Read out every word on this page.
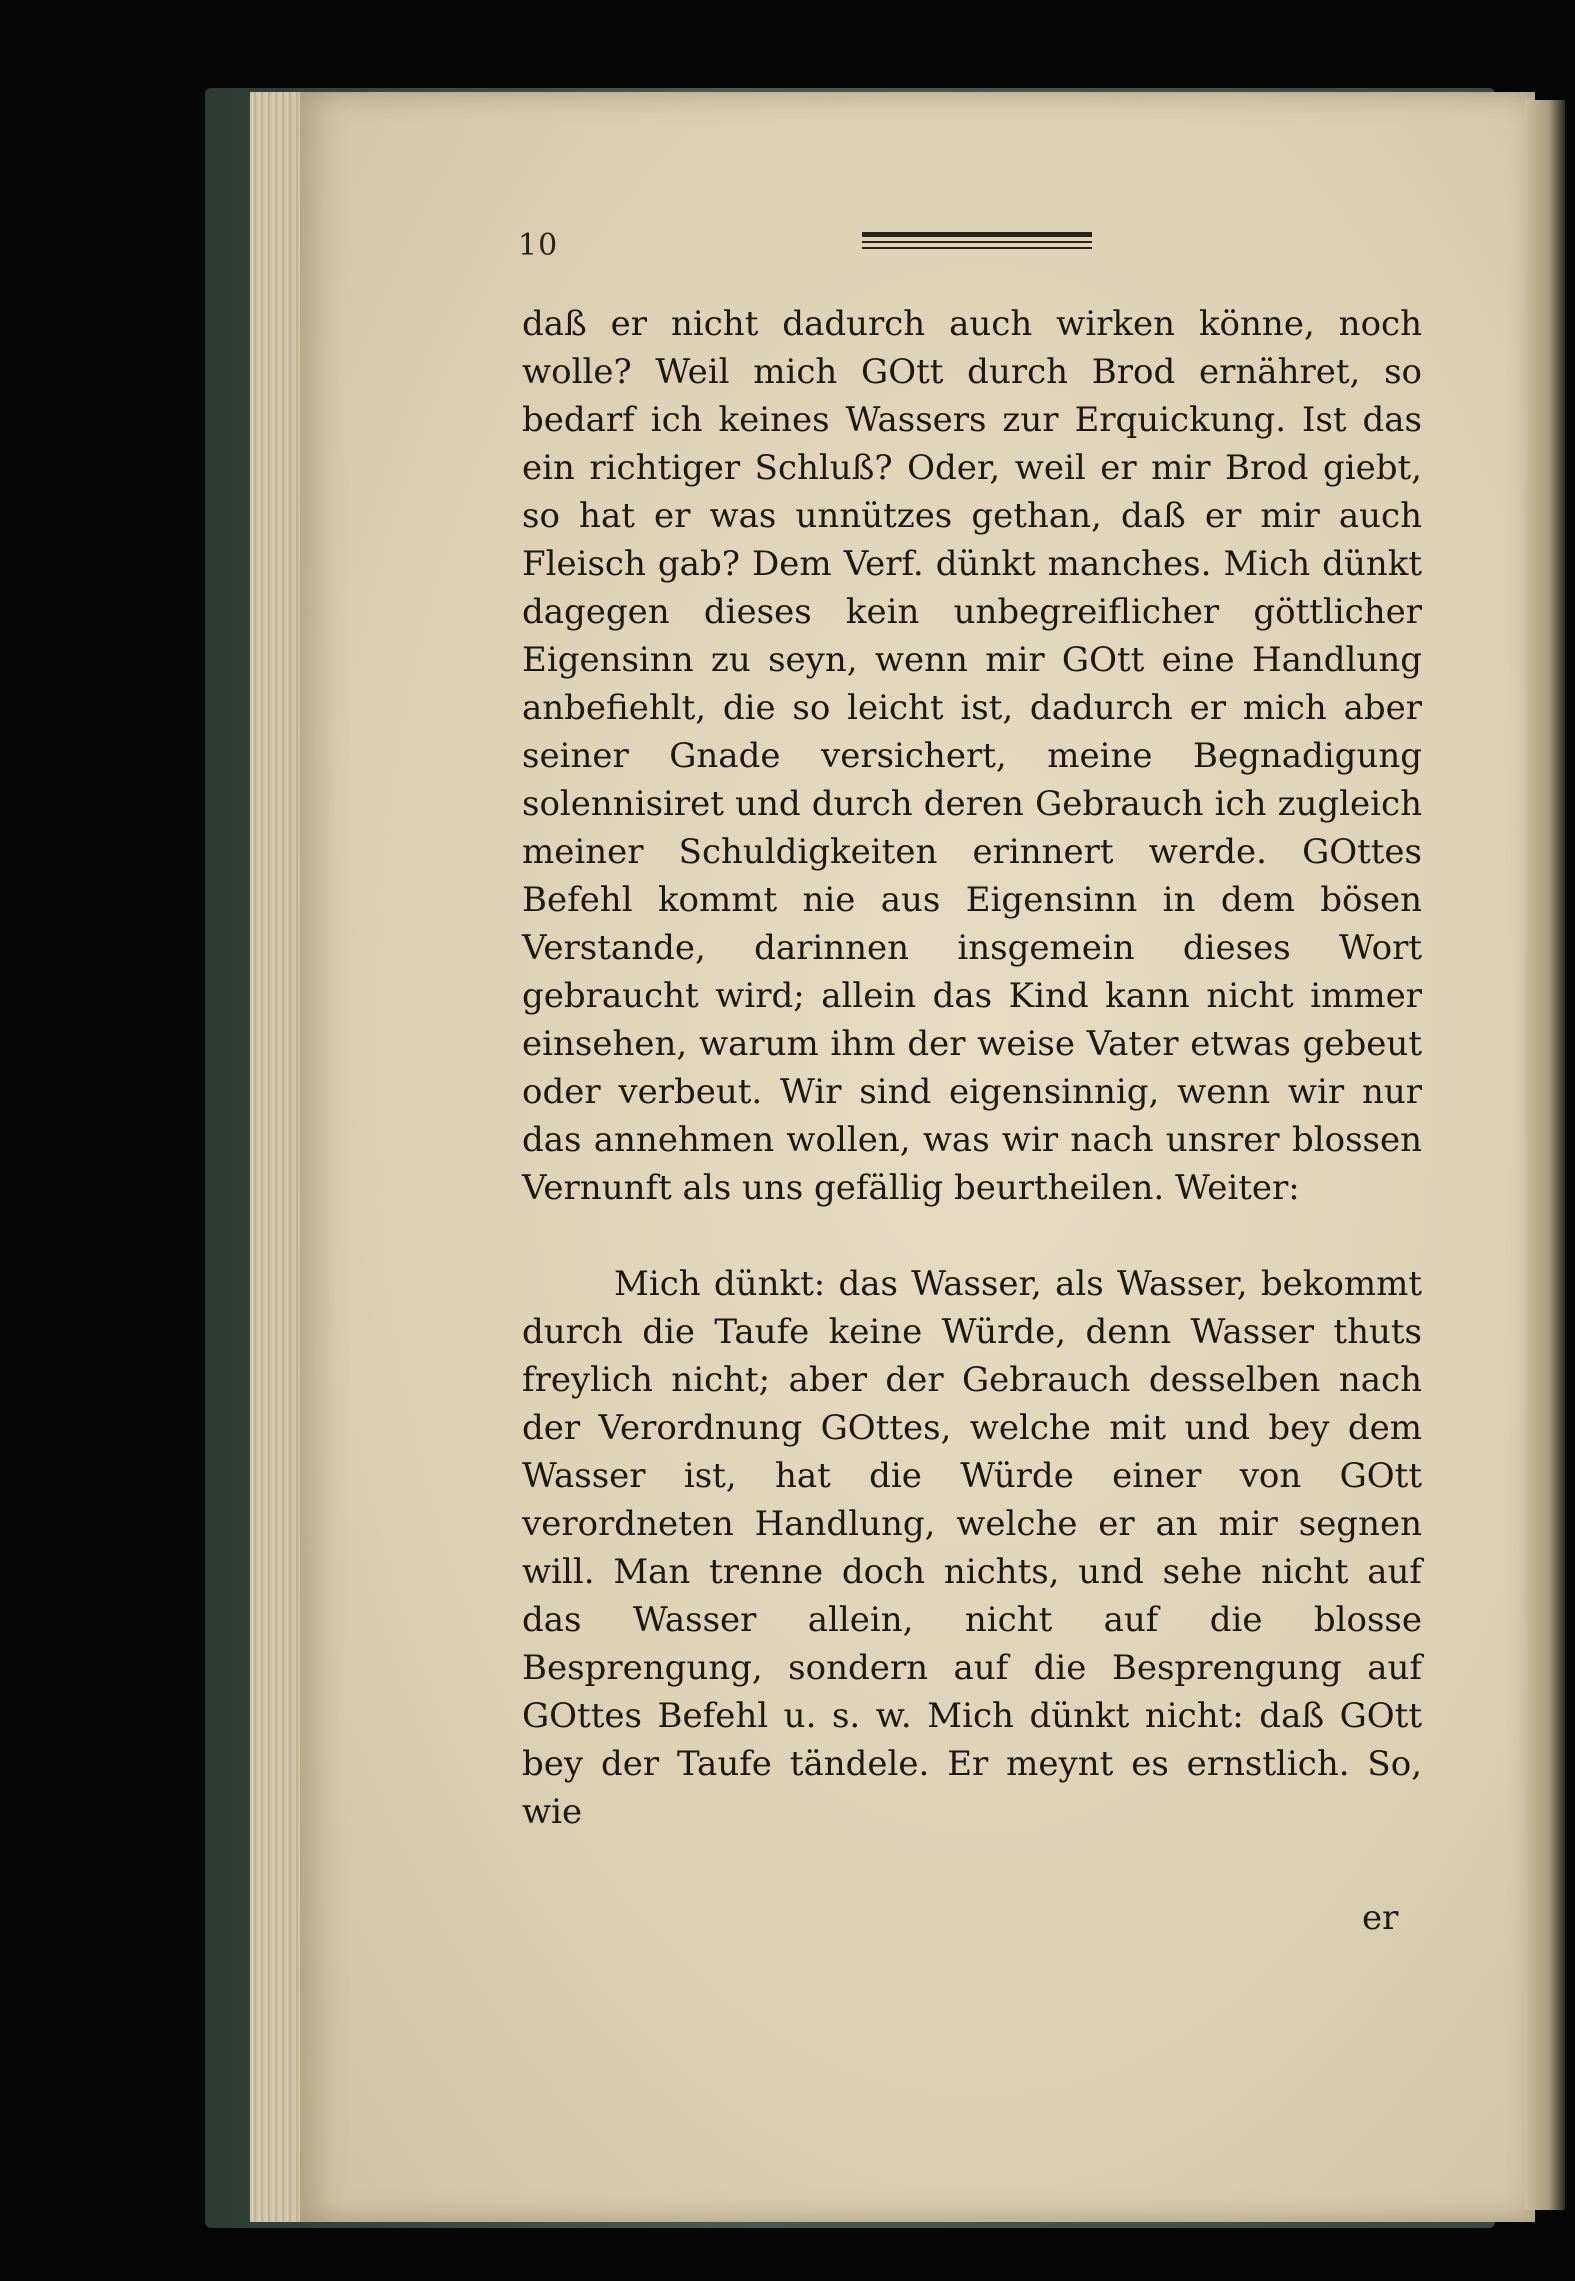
10

daß er nicht dadurch auch wirken könne, noch wolle? Weil mich GOtt durch Brod ernähret, so bedarf ich keines Wassers zur Erquickung. Ist das ein richtiger Schluß? Oder, weil er mir Brod giebt, so hat er was unnützes gethan, daß er mir auch Fleisch gab? Dem Verf. dünkt manches. Mich dünkt dagegen dieses kein unbegreiflicher göttlicher Eigensinn zu seyn, wenn mir GOtt eine Handlung anbefiehlt, die so leicht ist, dadurch er mich aber seiner Gnade versichert, meine Begnadigung solennisiret und durch deren Gebrauch ich zugleich meiner Schuldigkeiten erinnert werde. GOttes Befehl kommt nie aus Eigensinn in dem bösen Verstande, darinnen insgemein dieses Wort gebraucht wird; allein das Kind kann nicht immer einsehen, warum ihm der weise Vater etwas gebeut oder verbeut. Wir sind eigensinnig, wenn wir nur das annehmen wollen, was wir nach unsrer blossen Vernunft als uns gefällig beurtheilen. Weiter:

Mich dünkt: das Wasser, als Wasser, bekommt durch die Taufe keine Würde, denn Wasser thuts freylich nicht; aber der Gebrauch desselben nach der Verordnung GOttes, welche mit und bey dem Wasser ist, hat die Würde einer von GOtt verordneten Handlung, welche er an mir segnen will. Man trenne doch nichts, und sehe nicht auf das Wasser allein, nicht auf die blosse Besprengung, sondern auf die Besprengung auf GOttes Befehl u. s. w. Mich dünkt nicht: daß GOtt bey der Taufe tändele. Er meynt es ernstlich. So, wie

er
